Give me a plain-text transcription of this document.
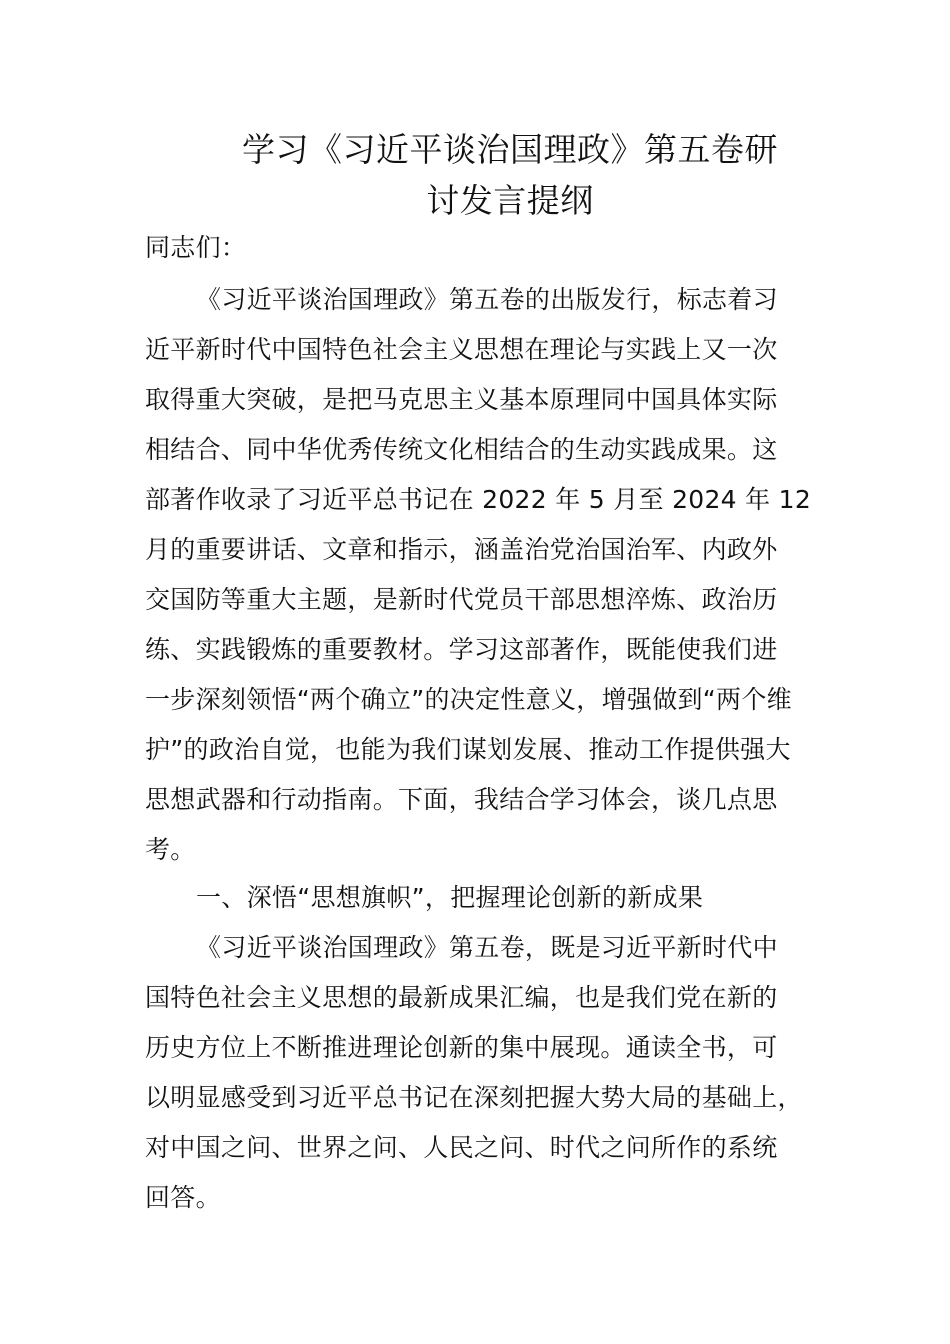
学习《习近平谈治国理政》第五卷研
讨发言提纲
同志们：
《习近平谈治国理政》第五卷的出版发行，标志着习
近平新时代中国特色社会主义思想在理论与实践上又一次
取得重大突破，是把马克思主义基本原理同中国具体实际
相结合、同中华优秀传统文化相结合的生动实践成果。这
部著作收录了习近平总书记在 2022 年 5 月至 2024 年 12
月的重要讲话、文章和指示，涵盖治党治国治军、内政外
交国防等重大主题，是新时代党员干部思想淬炼、政治历
练、实践锻炼的重要教材。学习这部著作，既能使我们进
一步深刻领悟“两个确立”的决定性意义，增强做到“两个维
护”的政治自觉，也能为我们谋划发展、推动工作提供强大
思想武器和行动指南。下面，我结合学习体会，谈几点思
考。
一、深悟“思想旗帜”，把握理论创新的新成果
《习近平谈治国理政》第五卷，既是习近平新时代中
国特色社会主义思想的最新成果汇编，也是我们党在新的
历史方位上不断推进理论创新的集中展现。通读全书，可
以明显感受到习近平总书记在深刻把握大势大局的基础上，
对中国之问、世界之问、人民之问、时代之问所作的系统
回答。
